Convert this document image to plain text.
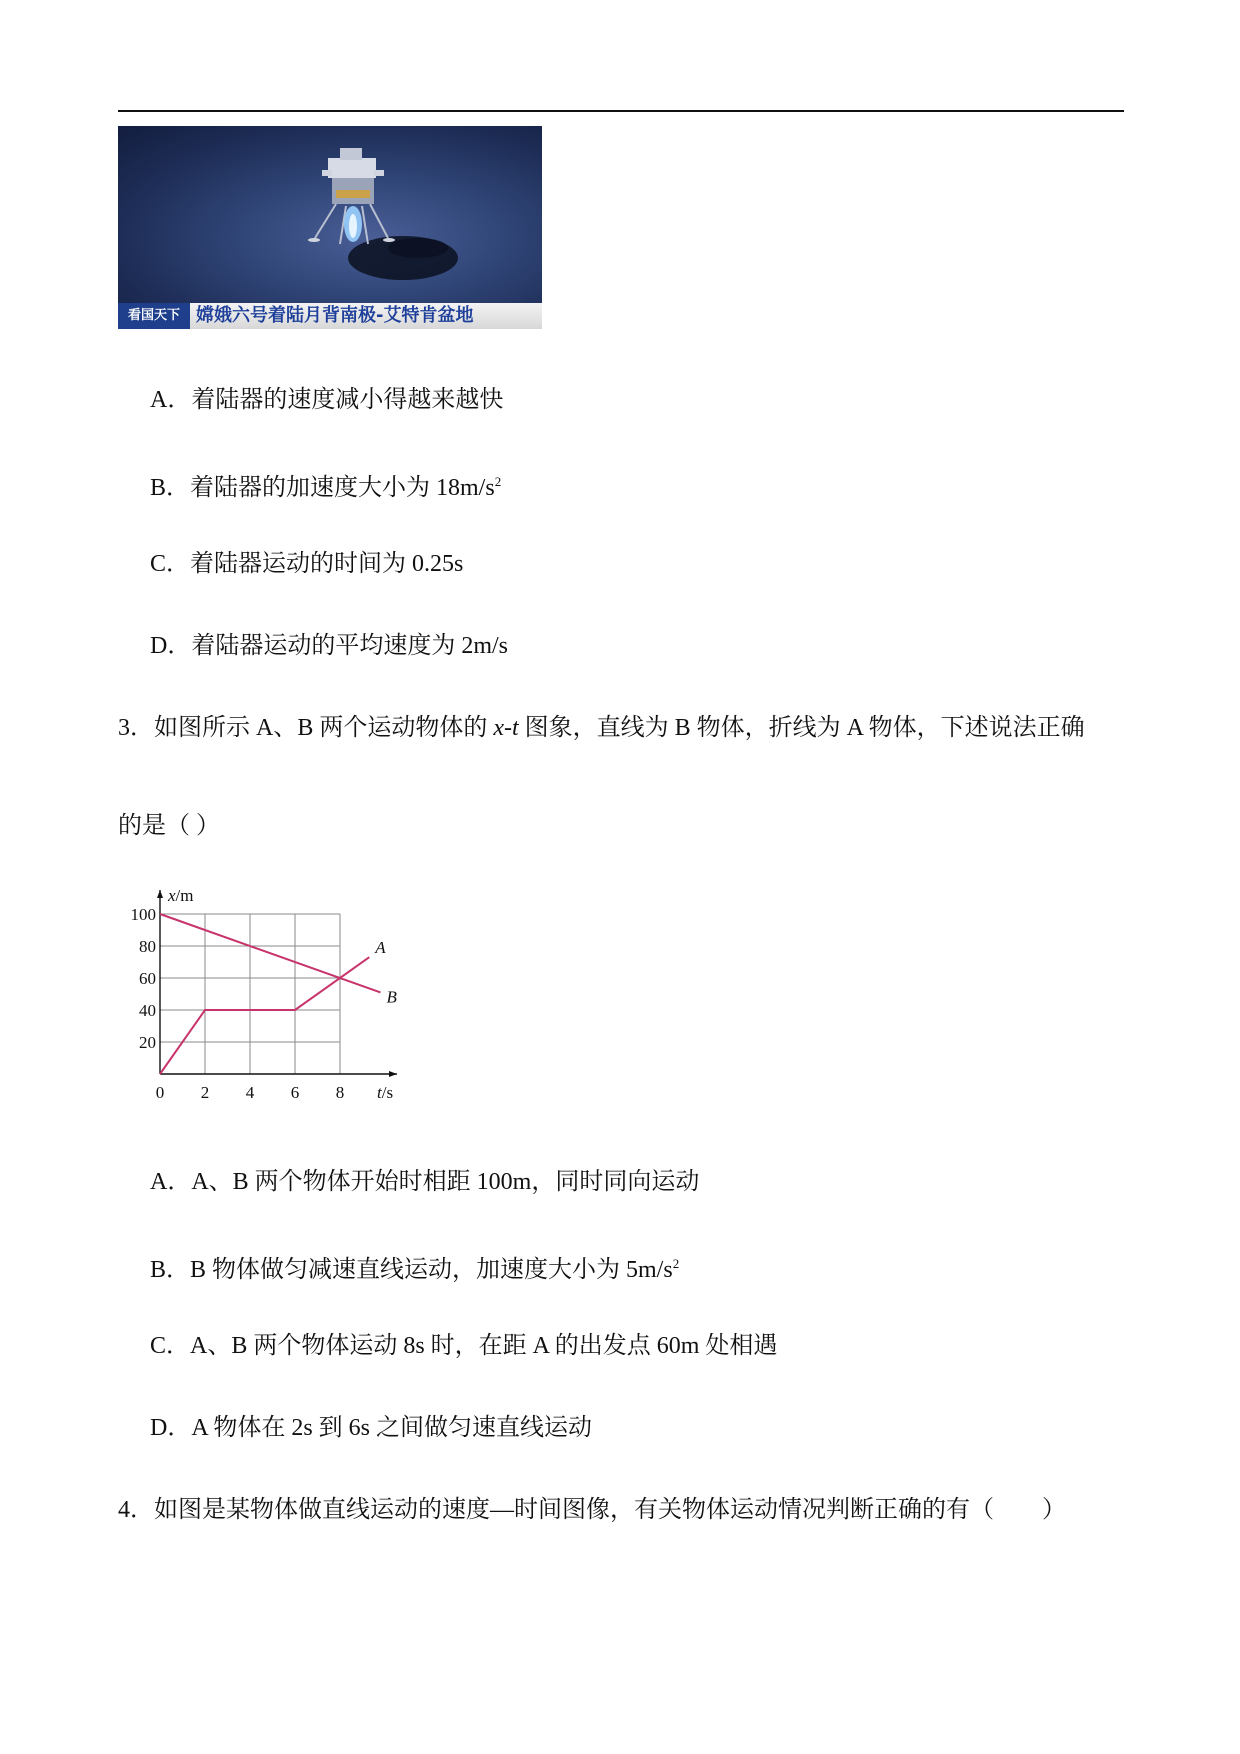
看国天下 嫦娥六号着陆月背南极-艾特肯盆地
A．着陆器的速度减小得越来越快
B．着陆器的加速度大小为 $18m/s^2$
C．着陆器运动的时间为 0.25s
D．着陆器运动的平均速度为 2m/s
3．如图所示 A、B 两个运动物体的 x-t 图象，直线为 B 物体，折线为 A 物体，下述说法正确
的是（ ）
A
B
0 2 4 6 8
20
40
60
80
100
x/m
t/s
A．A、B 两个物体开始时相距 100m，同时同向运动
B．B 物体做匀减速直线运动，加速度大小为 $5m/s^2$
C．A、B 两个物体运动 8s 时，在距 A 的出发点 60m 处相遇
D．A 物体在 2s 到 6s 之间做匀速直线运动
4．如图是某物体做直线运动的速度—时间图像，有关物体运动情况判断正确的有（　　）
